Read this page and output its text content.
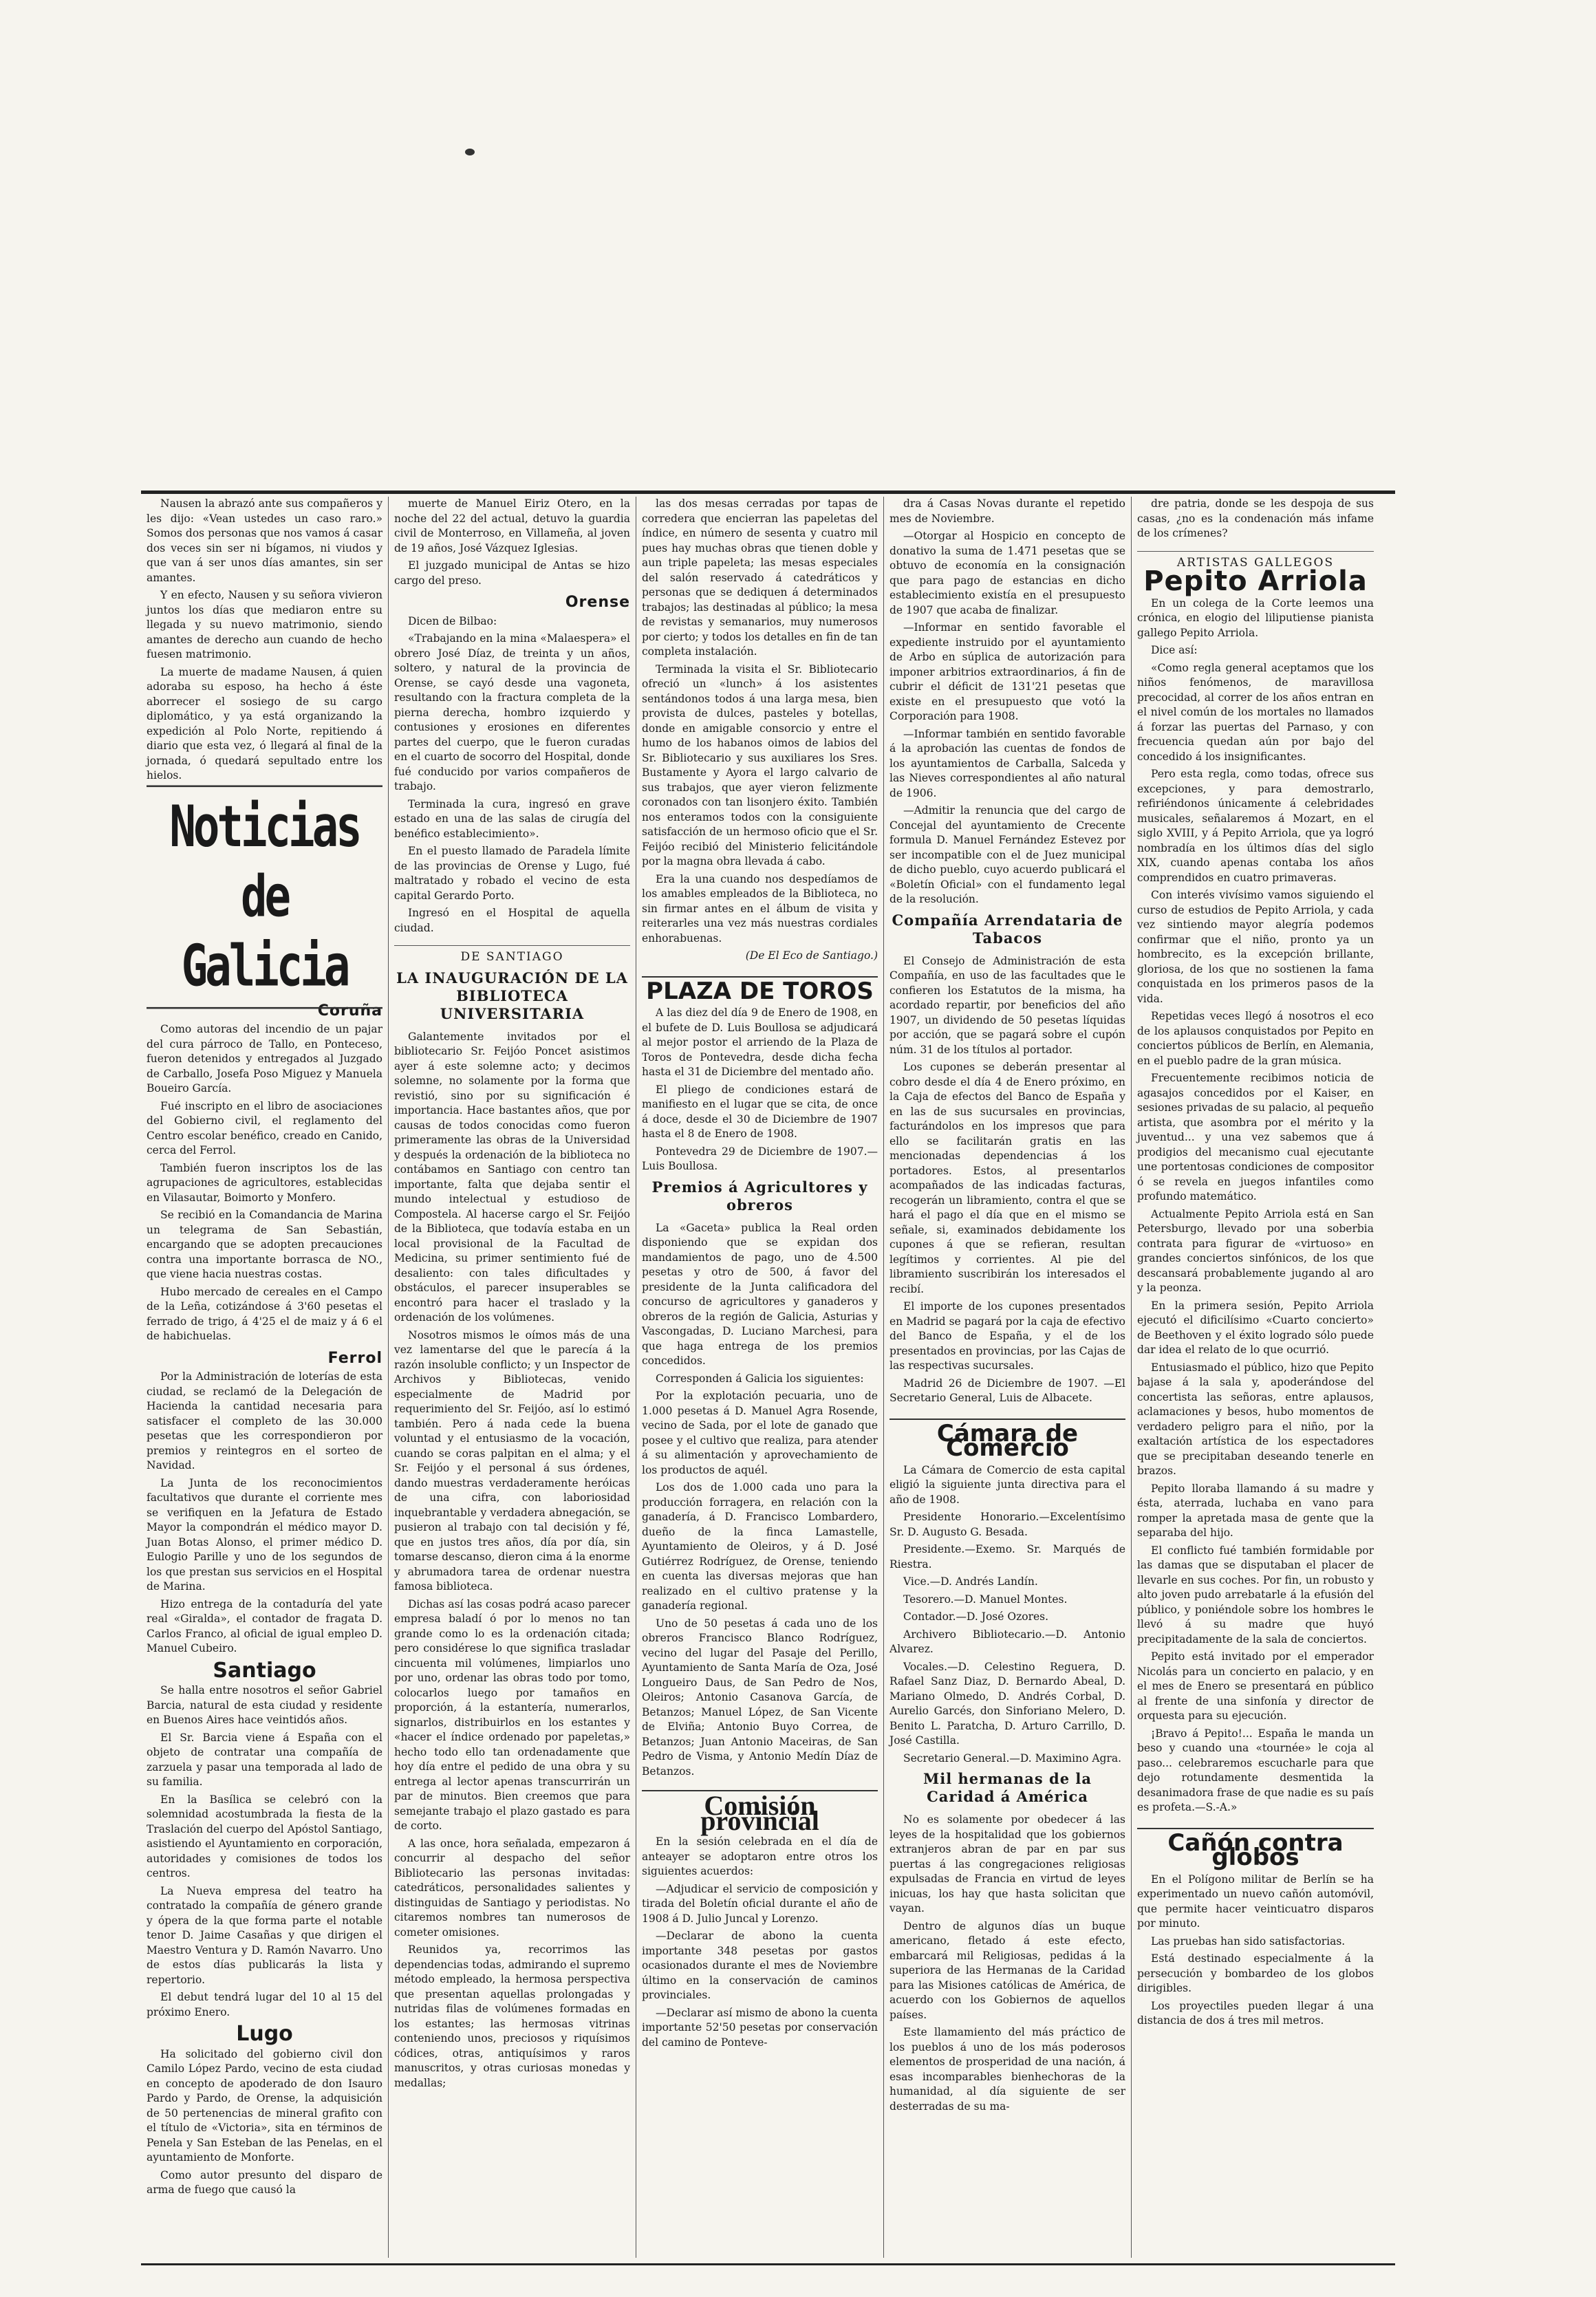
Nausen la abrazó ante sus compañeros y les dijo: «Vean ustedes un caso raro.» Somos dos personas que nos vamos á casar dos veces sin ser ni bígamos, ni viudos y que van á ser unos días amantes, sin ser amantes.

Y en efecto, Nausen y su señora vivieron juntos los días que mediaron entre su llegada y su nuevo matrimonio, siendo amantes de derecho aun cuando de hecho fuesen matrimonio.

La muerte de madame Nausen, á quien adoraba su esposo, ha hecho á éste aborrecer el sosiego de su cargo diplomático, y ya está organizando la expedición al Polo Norte, repitiendo á diario que esta vez, ó llegará al final de la jornada, ó quedará sepultado entre los hielos.

Noticias de Galicia
Coruña

Como autoras del incendio de un pajar del cura párroco de Tallo, en Ponteceso, fueron detenidos y entregados al Juzgado de Carballo, Josefa Poso Miguez y Manuela Boueiro García.

Fué inscripto en el libro de asociaciones del Gobierno civil, el reglamento del Centro escolar benéfico, creado en Canido, cerca del Ferrol.

También fueron inscriptos los de las agrupaciones de agricultores, establecidas en Vilasautar, Boimorto y Monfero.

Se recibió en la Comandancia de Marina un telegrama de San Sebastián, encargando que se adopten precauciones contra una importante borrasca de NO., que viene hacia nuestras costas.

Hubo mercado de cereales en el Campo de la Leña, cotizándose á 3'60 pesetas el ferrado de trigo, á 4'25 el de maiz y á 6 el de habichuelas.

Ferrol

Por la Administración de loterías de esta ciudad, se reclamó de la Delegación de Hacienda la cantidad necesaria para satisfacer el completo de las 30.000 pesetas que les correspondieron por premios y reintegros en el sorteo de Navidad.

La Junta de los reconocimientos facultativos que durante el corriente mes se verifiquen en la Jefatura de Estado Mayor la compondrán el médico mayor D. Juan Botas Alonso, el primer médico D. Eulogio Parille y uno de los segundos de los que prestan sus servicios en el Hospital de Marina.

Hizo entrega de la contaduría del yate real «Giralda», el contador de fragata D. Carlos Franco, al oficial de igual empleo D. Manuel Cubeiro.

Santiago

Se halla entre nosotros el señor Gabriel Barcia, natural de esta ciudad y residente en Buenos Aires hace veintidós años.

El Sr. Barcia viene á España con el objeto de contratar una compañía de zarzuela y pasar una temporada al lado de su familia.

En la Basílica se celebró con la solemnidad acostumbrada la fiesta de la Traslación del cuerpo del Apóstol Santiago, asistiendo el Ayuntamiento en corporación, autoridades y comisiones de todos los centros.

La Nueva empresa del teatro ha contratado la compañía de género grande y ópera de la que forma parte el notable tenor D. Jaime Casañas y que dirigen el Maestro Ventura y D. Ramón Navarro. Uno de estos días publicarás la lista y repertorio.

El debut tendrá lugar del 10 al 15 del próximo Enero.

Lugo

Ha solicitado del gobierno civil don Camilo López Pardo, vecino de esta ciudad en concepto de apoderado de don Isauro Pardo y Pardo, de Orense, la adquisición de 50 pertenencias de mineral grafito con el título de «Victoria», sita en términos de Penela y San Esteban de las Penelas, en el ayuntamiento de Monforte.

Como autor presunto del disparo de arma de fuego que causó la

muerte de Manuel Eiriz Otero, en la noche del 22 del actual, detuvo la guardia civil de Monterroso, en Villameña, al joven de 19 años, José Vázquez Iglesias.

El juzgado municipal de Antas se hizo cargo del preso.

Orense

Dicen de Bilbao:

«Trabajando en la mina «Malaespera» el obrero José Díaz, de treinta y un años, soltero, y natural de la provincia de Orense, se cayó desde una vagoneta, resultando con la fractura completa de la pierna derecha, hombro izquierdo y contusiones y erosiones en diferentes partes del cuerpo, que le fueron curadas en el cuarto de socorro del Hospital, donde fué conducido por varios compañeros de trabajo.

Terminada la cura, ingresó en grave estado en una de las salas de cirugía del benéfico establecimiento».

En el puesto llamado de Paradela límite de las provincias de Orense y Lugo, fué maltratado y robado el vecino de esta capital Gerardo Porto.

Ingresó en el Hospital de aquella ciudad.

DE SANTIAGO
LA INAUGURACIÓN DE LA BIBLIOTECA UNIVERSITARIA

Galantemente invitados por el bibliotecario Sr. Feijóo Poncet asistimos ayer á este solemne acto; y decimos solemne, no solamente por la forma que revistió, sino por su significación é importancia. Hace bastantes años, que por causas de todos conocidas como fueron primeramente las obras de la Universidad y después la ordenación de la biblioteca no contábamos en Santiago con centro tan importante, falta que dejaba sentir el mundo intelectual y estudioso de Compostela. Al hacerse cargo el Sr. Feijóo de la Biblioteca, que todavía estaba en un local provisional de la Facultad de Medicina, su primer sentimiento fué de desaliento: con tales dificultades y obstáculos, el parecer insuperables se encontró para hacer el traslado y la ordenación de los volúmenes.

Nosotros mismos le oímos más de una vez lamentarse del que le parecía á la razón insoluble conflicto; y un Inspector de Archivos y Bibliotecas, venido especialmente de Madrid por requerimiento del Sr. Feijóo, así lo estimó también. Pero á nada cede la buena voluntad y el entusiasmo de la vocación, cuando se coras palpitan en el alma; y el Sr. Feijóo y el personal á sus órdenes, dando muestras verdaderamente heróicas de una cifra, con laboriosidad inquebrantable y verdadera abnegación, se pusieron al trabajo con tal decisión y fé, que en justos tres años, día por día, sin tomarse descanso, dieron cima á la enorme y abrumadora tarea de ordenar nuestra famosa biblioteca.

Dichas así las cosas podrá acaso parecer empresa baladí ó por lo menos no tan grande como lo es la ordenación citada; pero considérese lo que significa trasladar cincuenta mil volúmenes, limpiarlos uno por uno, ordenar las obras todo por tomo, colocarlos luego por tamaños en proporción, á la estantería, numerarlos, signarlos, distribuirlos en los estantes y «hacer el índice ordenado por papeletas,» hecho todo ello tan ordenadamente que hoy día entre el pedido de una obra y su entrega al lector apenas transcurrirán un par de minutos. Bien creemos que para semejante trabajo el plazo gastado es para de corto.

A las once, hora señalada, empezaron á concurrir al despacho del señor Bibliotecario las personas invitadas: catedráticos, personalidades salientes y distinguidas de Santiago y periodistas. No citaremos nombres tan numerosos de cometer omisiones.

Reunidos ya, recorrimos las dependencias todas, admirando el supremo método empleado, la hermosa perspectiva que presentan aquellas prolongadas y nutridas filas de volúmenes formadas en los estantes; las hermosas vitrinas conteniendo unos, preciosos y riquísimos códices, otras, antiquísimos y raros manuscritos, y otras curiosas monedas y medallas;

las dos mesas cerradas por tapas de corredera que encierran las papeletas del índice, en número de sesenta y cuatro mil pues hay muchas obras que tienen doble y aun triple papeleta; las mesas especiales del salón reservado á catedráticos y personas que se dediquen á determinados trabajos; las destinadas al público; la mesa de revistas y semanarios, muy numerosos por cierto; y todos los detalles en fin de tan completa instalación.

Terminada la visita el Sr. Bibliotecario ofreció un «lunch» á los asistentes sentándonos todos á una larga mesa, bien provista de dulces, pasteles y botellas, donde en amigable consorcio y entre el humo de los habanos oimos de labios del Sr. Bibliotecario y sus auxiliares los Sres. Bustamente y Ayora el largo calvario de sus trabajos, que ayer vieron felizmente coronados con tan lisonjero éxito. También nos enteramos todos con la consiguiente satisfacción de un hermoso oficio que el Sr. Feijóo recibió del Ministerio felicitándole por la magna obra llevada á cabo.

Era la una cuando nos despedíamos de los amables empleados de la Biblioteca, no sin firmar antes en el álbum de visita y reiterarles una vez más nuestras cordiales enhorabuenas.

(De El Eco de Santiago.)
PLAZA DE TOROS

A las diez del día 9 de Enero de 1908, en el bufete de D. Luis Boullosa se adjudicará al mejor postor el arriendo de la Plaza de Toros de Pontevedra, desde dicha fecha hasta el 31 de Diciembre del mentado año.

El pliego de condiciones estará de manifiesto en el lugar que se cita, de once á doce, desde el 30 de Diciembre de 1907 hasta el 8 de Enero de 1908.

Pontevedra 29 de Diciembre de 1907.—Luis Boullosa.

Premios á Agricultores y obreros

La «Gaceta» publica la Real orden disponiendo que se expidan dos mandamientos de pago, uno de 4.500 pesetas y otro de 500, á favor del presidente de la Junta calificadora del concurso de agricultores y ganaderos y obreros de la región de Galicia, Asturias y Vascongadas, D. Luciano Marchesi, para que haga entrega de los premios concedidos.

Corresponden á Galicia los siguientes:

Por la explotación pecuaria, uno de 1.000 pesetas á D. Manuel Agra Rosende, vecino de Sada, por el lote de ganado que posee y el cultivo que realiza, para atender á su alimentación y aprovechamiento de los productos de aquél.

Los dos de 1.000 cada uno para la producción forragera, en relación con la ganadería, á D. Francisco Lombardero, dueño de la finca Lamastelle, Ayuntamiento de Oleiros, y á D. José Gutiérrez Rodríguez, de Orense, teniendo en cuenta las diversas mejoras que han realizado en el cultivo pratense y la ganadería regional.

Uno de 50 pesetas á cada uno de los obreros Francisco Blanco Rodríguez, vecino del lugar del Pasaje del Perillo, Ayuntamiento de Santa María de Oza, José Longueiro Daus, de San Pedro de Nos, Oleiros; Antonio Casanova García, de Betanzos; Manuel López, de San Vicente de Elviña; Antonio Buyo Correa, de Betanzos; Juan Antonio Maceiras, de San Pedro de Visma, y Antonio Medín Díaz de Betanzos.

Comisión provincial

En la sesión celebrada en el día de anteayer se adoptaron entre otros los siguientes acuerdos:

—Adjudicar el servicio de composición y tirada del Boletín oficial durante el año de 1908 á D. Julio Juncal y Lorenzo.

—Declarar de abono la cuenta importante 348 pesetas por gastos ocasionados durante el mes de Noviembre último en la conservación de caminos provinciales.

—Declarar así mismo de abono la cuenta importante 52'50 pesetas por conservación del camino de Ponteve-

dra á Casas Novas durante el repetido mes de Noviembre.

—Otorgar al Hospicio en concepto de donativo la suma de 1.471 pesetas que se obtuvo de economía en la consignación que para pago de estancias en dicho establecimiento existía en el presupuesto de 1907 que acaba de finalizar.

—Informar en sentido favorable el expediente instruido por el ayuntamiento de Arbo en súplica de autorización para imponer arbitrios extraordinarios, á fin de cubrir el déficit de 131'21 pesetas que existe en el presupuesto que votó la Corporación para 1908.

—Informar también en sentido favorable á la aprobación las cuentas de fondos de los ayuntamientos de Carballa, Salceda y las Nieves correspondientes al año natural de 1906.

—Admitir la renuncia que del cargo de Concejal del ayuntamiento de Crecente formula D. Manuel Fernández Estevez por ser incompatible con el de Juez municipal de dicho pueblo, cuyo acuerdo publicará el «Boletín Oficial» con el fundamento legal de la resolución.

Compañía Arrendataria de Tabacos

El Consejo de Administración de esta Compañía, en uso de las facultades que le confieren los Estatutos de la misma, ha acordado repartir, por beneficios del año 1907, un dividendo de 50 pesetas líquidas por acción, que se pagará sobre el cupón núm. 31 de los títulos al portador.

Los cupones se deberán presentar al cobro desde el día 4 de Enero próximo, en la Caja de efectos del Banco de España y en las de sus sucursales en provincias, facturándolos en los impresos que para ello se facilitarán gratis en las mencionadas dependencias á los portadores. Estos, al presentarlos acompañados de las indicadas facturas, recogerán un libramiento, contra el que se hará el pago el día que en el mismo se señale, si, examinados debidamente los cupones á que se refieran, resultan legítimos y corrientes. Al pie del libramiento suscribirán los interesados el recibí.

El importe de los cupones presentados en Madrid se pagará por la caja de efectivo del Banco de España, y el de los presentados en provincias, por las Cajas de las respectivas sucursales.

Madrid 26 de Diciembre de 1907. —El Secretario General, Luis de Albacete.

Cámara de Comercio

La Cámara de Comercio de esta capital eligió la siguiente junta directiva para el año de 1908.

Presidente Honorario.—Excelentísimo Sr. D. Augusto G. Besada.

Presidente.—Exemo. Sr. Marqués de Riestra.

Vice.—D. Andrés Landín.

Tesorero.—D. Manuel Montes.

Contador.—D. José Ozores.

Archivero Bibliotecario.—D. Antonio Alvarez.

Vocales.—D. Celestino Reguera, D. Rafael Sanz Diaz, D. Bernardo Abeal, D. Mariano Olmedo, D. Andrés Corbal, D. Aurelio Garcés, don Sinforiano Melero, D. Benito L. Paratcha, D. Arturo Carrillo, D. José Castilla.

Secretario General.—D. Maximino Agra.

Mil hermanas de la Caridad á América

No es solamente por obedecer á las leyes de la hospitalidad que los gobiernos extranjeros abran de par en par sus puertas á las congregaciones religiosas expulsadas de Francia en virtud de leyes inicuas, los hay que hasta solicitan que vayan.

Dentro de algunos días un buque americano, fletado á este efecto, embarcará mil Religiosas, pedidas á la superiora de las Hermanas de la Caridad para las Misiones católicas de América, de acuerdo con los Gobiernos de aquellos países.

Este llamamiento del más práctico de los pueblos á uno de los más poderosos elementos de prosperidad de una nación, á esas incomparables bienhechoras de la humanidad, al día siguiente de ser desterradas de su ma-

dre patria, donde se les despoja de sus casas, ¿no es la condenación más infame de los crímenes?

ARTISTAS GALLEGOS
Pepito Arriola

En un colega de la Corte leemos una crónica, en elogio del liliputiense pianista gallego Pepito Arriola.

Dice así:

«Como regla general aceptamos que los niños fenómenos, de maravillosa precocidad, al correr de los años entran en el nivel común de los mortales no llamados á forzar las puertas del Parnaso, y con frecuencia quedan aún por bajo del concedido á los insignificantes.

Pero esta regla, como todas, ofrece sus excepciones, y para demostrarlo, refiriéndonos únicamente á celebridades musicales, señalaremos á Mozart, en el siglo XVIII, y á Pepito Arriola, que ya logró nombradía en los últimos días del siglo XIX, cuando apenas contaba los años comprendidos en cuatro primaveras.

Con interés vivísimo vamos siguiendo el curso de estudios de Pepito Arriola, y cada vez sintiendo mayor alegría podemos confirmar que el niño, pronto ya un hombrecito, es la excepción brillante, gloriosa, de los que no sostienen la fama conquistada en los primeros pasos de la vida.

Repetidas veces llegó á nosotros el eco de los aplausos conquistados por Pepito en conciertos públicos de Berlín, en Alemania, en el pueblo padre de la gran música.

Frecuentemente recibimos noticia de agasajos concedidos por el Kaiser, en sesiones privadas de su palacio, al pequeño artista, que asombra por el mérito y la juventud... y una vez sabemos que á prodigios del mecanismo cual ejecutante une portentosas condiciones de compositor ó se revela en juegos infantiles como profundo matemático.

Actualmente Pepito Arriola está en San Petersburgo, llevado por una soberbia contrata para figurar de «virtuoso» en grandes conciertos sinfónicos, de los que descansará probablemente jugando al aro y la peonza.

En la primera sesión, Pepito Arriola ejecutó el dificilísimo «Cuarto concierto» de Beethoven y el éxito logrado sólo puede dar idea el relato de lo que ocurrió.

Entusiasmado el público, hizo que Pepito bajase á la sala y, apoderándose del concertista las señoras, entre aplausos, aclamaciones y besos, hubo momentos de verdadero peligro para el niño, por la exaltación artística de los espectadores que se precipitaban deseando tenerle en brazos.

Pepito lloraba llamando á su madre y ésta, aterrada, luchaba en vano para romper la apretada masa de gente que la separaba del hijo.

El conflicto fué también formidable por las damas que se disputaban el placer de llevarle en sus coches. Por fin, un robusto y alto joven pudo arrebatarle á la efusión del público, y poniéndole sobre los hombres le llevó á su madre que huyó precipitadamente de la sala de conciertos.

Pepito está invitado por el emperador Nicolás para un concierto en palacio, y en el mes de Enero se presentará en público al frente de una sinfonía y director de orquesta para su ejecución.

¡Bravo á Pepito!... España le manda un beso y cuando una «tournée» le coja al paso... celebraremos escucharle para que dejo rotundamente desmentida la desanimadora frase de que nadie es su país es profeta.—S.-A.»

Cañón contra globos

En el Polígono militar de Berlín se ha experimentado un nuevo cañón automóvil, que permite hacer veinticuatro disparos por minuto.

Las pruebas han sido satisfactorias.

Está destinado especialmente á la persecución y bombardeo de los globos dirigibles.

Los proyectiles pueden llegar á una distancia de dos á tres mil metros.
